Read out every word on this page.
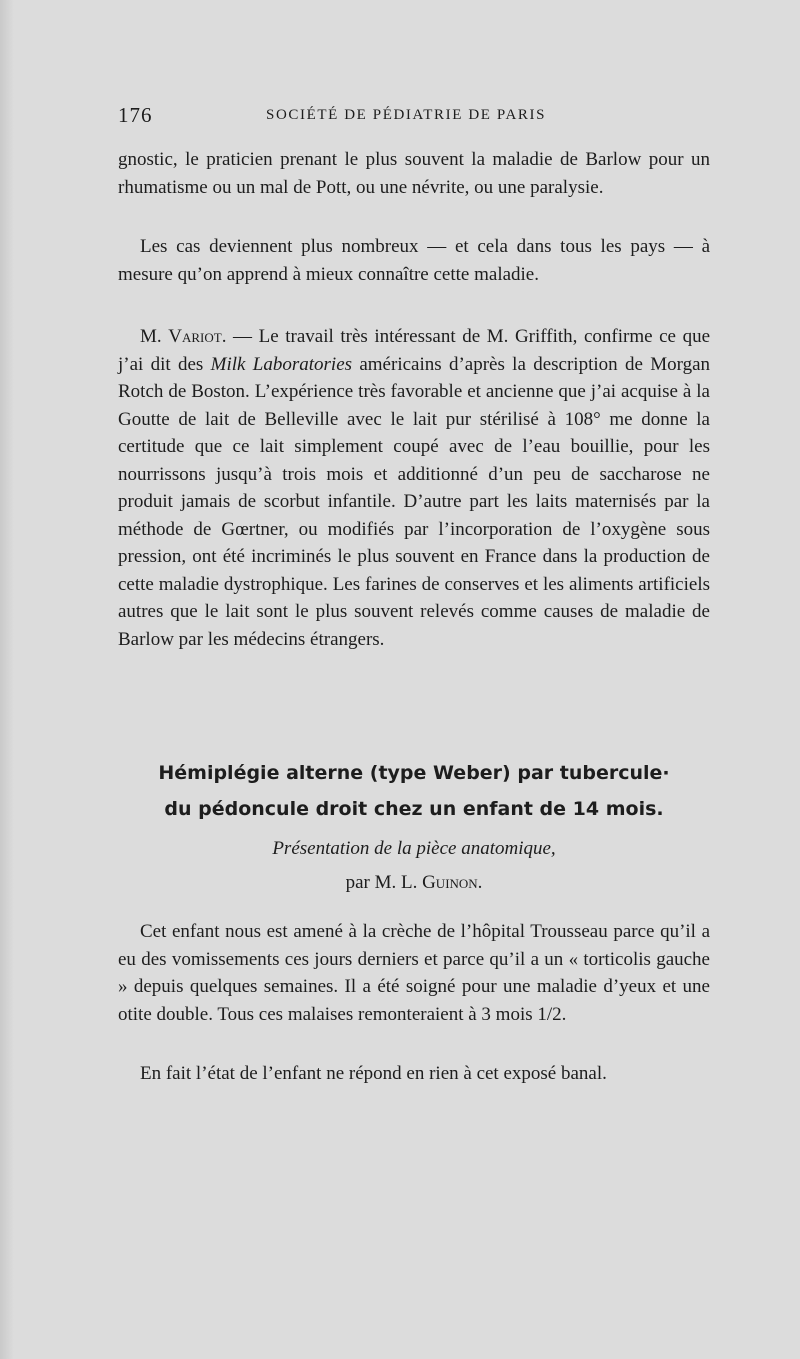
176	SOCIÉTÉ DE PÉDIATRIE DE PARIS

gnostic, le praticien prenant le plus souvent la maladie de Barlow pour un rhumatisme ou un mal de Pott, ou une névrite, ou une paralysie.

Les cas deviennent plus nombreux — et cela dans tous les pays — à mesure qu’on apprend à mieux connaître cette maladie.

M. Variot. — Le travail très intéressant de M. Griffith, confirme ce que j’ai dit des Milk Laboratories américains d’après la description de Morgan Rotch de Boston. L’expérience très favorable et ancienne que j’ai acquise à la Goutte de lait de Belleville avec le lait pur stérilisé à 108° me donne la certitude que ce lait simplement coupé avec de l’eau bouillie, pour les nourrissons jusqu’à trois mois et additionné d’un peu de saccharose ne produit jamais de scorbut infantile. D’autre part les laits maternisés par la méthode de Gœrtner, ou modifiés par l’incorporation de l’oxygène sous pression, ont été incriminés le plus souvent en France dans la production de cette maladie dystrophique. Les farines de conserves et les aliments artificiels autres que le lait sont le plus souvent relevés comme causes de maladie de Barlow par les médecins étrangers.

Hémiplégie alterne (type Weber) par tubercule·
du pédoncule droit chez un enfant de 14 mois.
Présentation de la pièce anatomique,
par M. L. Guinon.

Cet enfant nous est amené à la crèche de l’hôpital Trousseau parce qu’il a eu des vomissements ces jours derniers et parce qu’il a un « torticolis gauche » depuis quelques semaines. Il a été soigné pour une maladie d’yeux et une otite double. Tous ces malaises remonteraient à 3 mois 1/2.

En fait l’état de l’enfant ne répond en rien à cet exposé banal.
